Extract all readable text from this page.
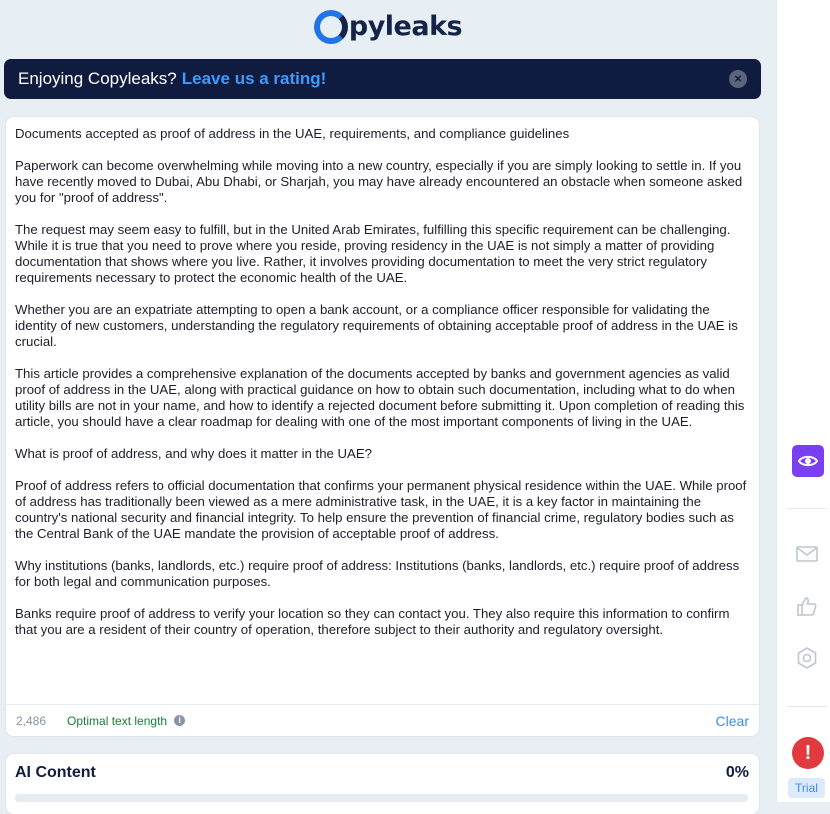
pyleaks
Enjoying Copyleaks? Leave us a rating!	×

Documents accepted as proof of address in the UAE, requirements, and compliance guidelines

Paperwork can become overwhelming while moving into a new country, especially if you are simply looking to settle in. If you have recently moved to Dubai, Abu Dhabi, or Sharjah, you may have already encountered an obstacle when someone asked you for "proof of address".

The request may seem easy to fulfill, but in the United Arab Emirates, fulfilling this specific requirement can be challenging. While it is true that you need to prove where you reside, proving residency in the UAE is not simply a matter of providing documentation that shows where you live. Rather, it involves providing documentation to meet the very strict regulatory requirements necessary to protect the economic health of the UAE.

Whether you are an expatriate attempting to open a bank account, or a compliance officer responsible for validating the identity of new customers, understanding the regulatory requirements of obtaining acceptable proof of address in the UAE is crucial.

This article provides a comprehensive explanation of the documents accepted by banks and government agencies as valid proof of address in the UAE, along with practical guidance on how to obtain such documentation, including what to do when utility bills are not in your name, and how to identify a rejected document before submitting it. Upon completion of reading this article, you should have a clear roadmap for dealing with one of the most important components of living in the UAE.

What is proof of address, and why does it matter in the UAE?

Proof of address refers to official documentation that confirms your permanent physical residence within the UAE. While proof of address has traditionally been viewed as a mere administrative task, in the UAE, it is a key factor in maintaining the country's national security and financial integrity. To help ensure the prevention of financial crime, regulatory bodies such as the Central Bank of the UAE mandate the provision of acceptable proof of address.

Why institutions (banks, landlords, etc.) require proof of address: Institutions (banks, landlords, etc.) require proof of address for both legal and communication purposes.

Banks require proof of address to verify your location so they can contact you. They also require this information to confirm that you are a resident of their country of operation, therefore subject to their authority and regulatory oversight.

2,486 Optimal text length	i	Clear
AI Content	0%
!
Trial
